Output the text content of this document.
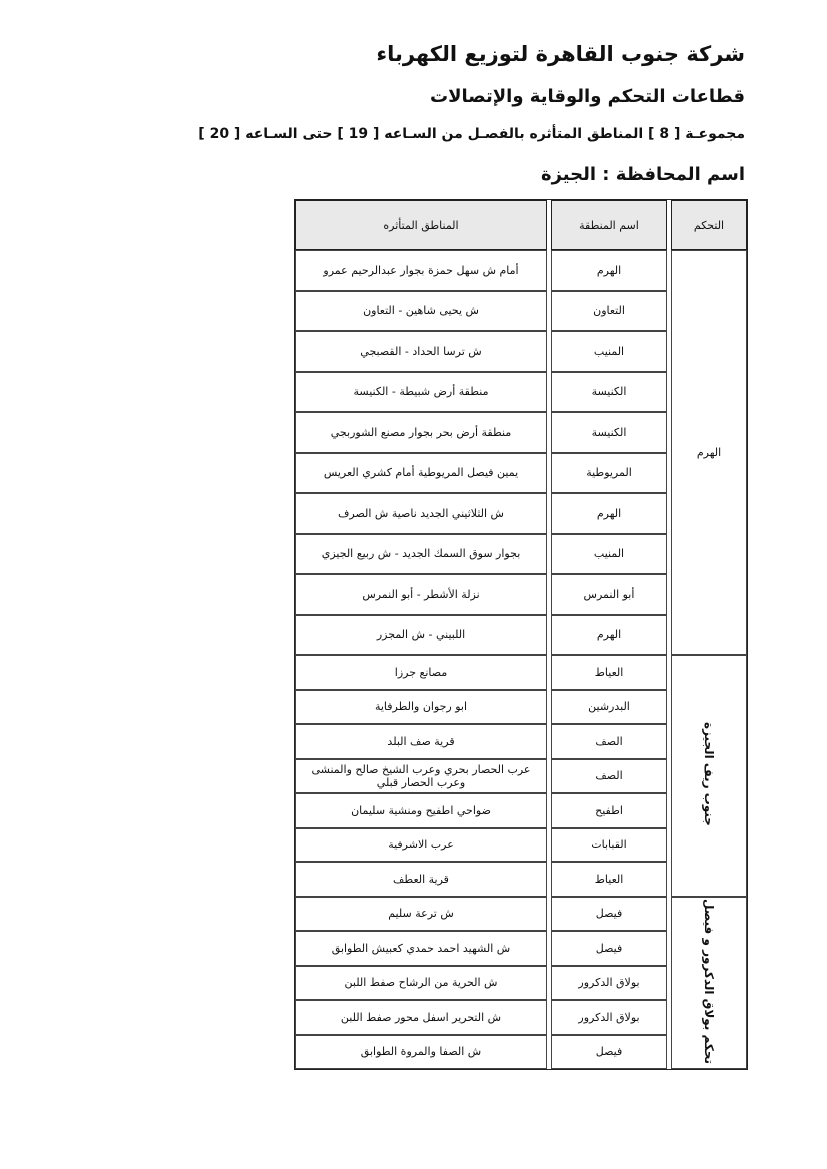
شركة جنوب القاهرة لتوزيع الكهرباء
قطاعات التحكم والوقاية والإتصالات
مجموعـة [ 8 ] المناطق المتأثره بالفصـل من السـاعه [ 19 ] حتى السـاعه [ 20 ]
اسم المحافظة : الجيزة
التحكم		اسم المنطقة		المناطق المتأثره
الهرم		الهرم		أمام ش سهل حمزة بجوار عبدالرحيم عمرو
		التعاون		ش يحيى شاهين - التعاون
		المنيب		ش ترسا الحداد - القصبجي
		الكنيسة		منطقة أرض شبيطة - الكنيسة
		الكنيسة		منطقة أرض بحر بجوار مصنع الشوربجي
		المريوطية		يمين فيصل المريوطية أمام كشري العريس
		الهرم		ش الثلاثيني الجديد ناصية ش الصرف
		المنيب		بجوار سوق السمك الجديد - ش ربيع الجيزي
		أبو النمرس		نزلة الأشطر - أبو النمرس
		الهرم		اللبيني - ش المجزر
جنوب ريف الجيزة		العياط		مصانع جرزا
		البدرشين		ابو رجوان والطرفاية
		الصف		قرية صف البلد
		الصف		عرب الحصار بحري وعرب الشيخ صالح والمنشى وعرب الحصار قبلي
		اطفيح		ضواحي اطفيح ومنشية سليمان
		القبابات		عرب الاشرفية
		العياط		قرية العطف
تحكم بولاق الدكرور و فيصل		فيصل		ش ترعة سليم
		فيصل		ش الشهيد احمد حمدي كعبيش الطوابق
		بولاق الدكرور		ش الحرية من الرشاح صفط اللبن
		بولاق الدكرور		ش التحرير اسفل محور صفط اللبن
		فيصل		ش الصفا والمروة الطوابق
